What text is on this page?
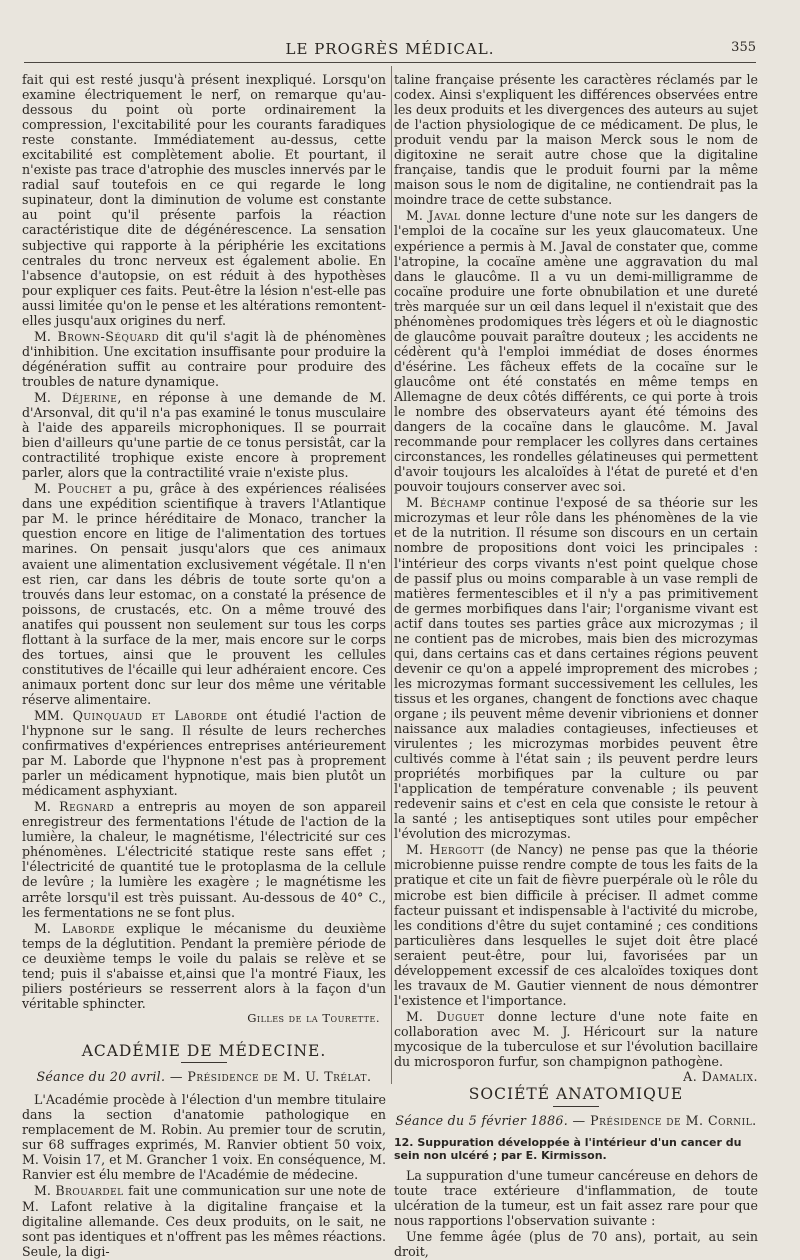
LE PROGRÈS MÉDICAL.	355

fait qui est resté jusqu'à présent inexpliqué. Lorsqu'on examine électriquement le nerf, on remarque qu'au-dessous du point où porte ordinairement la compression, l'excitabilité pour les courants faradiques reste constante. Immédiatement au-dessus, cette excitabilité est complètement abolie. Et pourtant, il n'existe pas trace d'atrophie des muscles innervés par le radial sauf toutefois en ce qui regarde le long supinateur, dont la diminution de volume est constante au point qu'il présente parfois la réaction caractéristique dite de dégénérescence. La sensation subjective qui rapporte à la périphérie les excitations centrales du tronc nerveux est également abolie. En l'absence d'autopsie, on est réduit à des hypothèses pour expliquer ces faits. Peut-être la lésion n'est-elle pas aussi limitée qu'on le pense et les altérations remontent-elles jusqu'aux origines du nerf.

M. Brown-Séquard dit qu'il s'agit là de phénomènes d'inhibition. Une excitation insuffisante pour produire la dégénération suffit au contraire pour produire des troubles de nature dynamique.

M. Déjerine, en réponse à une demande de M. d'Arsonval, dit qu'il n'a pas examiné le tonus musculaire à l'aide des appareils microphoniques. Il se pourrait bien d'ailleurs qu'une partie de ce tonus persistât, car la contractilité trophique existe encore à proprement parler, alors que la contractilité vraie n'existe plus.

M. Pouchet a pu, grâce à des expériences réalisées dans une expédition scientifique à travers l'Atlantique par M. le prince héréditaire de Monaco, trancher la question encore en litige de l'alimentation des tortues marines. On pensait jusqu'alors que ces animaux avaient une alimentation exclusivement végétale. Il n'en est rien, car dans les débris de toute sorte qu'on a trouvés dans leur estomac, on a constaté la présence de poissons, de crustacés, etc. On a même trouvé des anatifes qui poussent non seulement sur tous les corps flottant à la surface de la mer, mais encore sur le corps des tortues, ainsi que le prouvent les cellules constitutives de l'écaille qui leur adhéraient encore. Ces animaux portent donc sur leur dos même une véritable réserve alimentaire.

MM. Quinquaud et Laborde ont étudié l'action de l'hypnone sur le sang. Il résulte de leurs recherches confirmatives d'expériences entreprises antérieurement par M. Laborde que l'hypnone n'est pas à proprement parler un médicament hypnotique, mais bien plutôt un médicament asphyxiant.

M. Regnard a entrepris au moyen de son appareil enregistreur des fermentations l'étude de l'action de la lumière, la chaleur, le magnétisme, l'électricité sur ces phénomènes. L'électricité statique reste sans effet ; l'électricité de quantité tue le protoplasma de la cellule de levûre ; la lumière les exagère ; le magnétisme les arrête lorsqu'il est très puissant. Au-dessous de 40° C., les fermentations ne se font plus.

M. Laborde explique le mécanisme du deuxième temps de la déglutition. Pendant la première période de ce deuxième temps le voile du palais se relève et se tend; puis il s'abaisse et,ainsi que l'a montré Fiaux, les piliers postérieurs se resserrent alors à la façon d'un véritable sphincter.

Gilles de la Tourette.
ACADÉMIE DE MÉDECINE.
Séance du 20 avril. — Présidence de M. U. Trélat.

L'Académie procède à l'élection d'un membre titulaire dans la section d'anatomie pathologique en remplacement de M. Robin. Au premier tour de scrutin, sur 68 suffrages exprimés, M. Ranvier obtient 50 voix, M. Voisin 17, et M. Grancher 1 voix. En conséquence, M. Ranvier est élu membre de l'Académie de médecine.

M. Brouardel fait une communication sur une note de M. Lafont relative à la digitaline française et la digitaline allemande. Ces deux produits, on le sait, ne sont pas identiques et n'offrent pas les mêmes réactions. Seule, la digi-

taline française présente les caractères réclamés par le codex. Ainsi s'expliquent les différences observées entre les deux produits et les divergences des auteurs au sujet de l'action physiologique de ce médicament. De plus, le produit vendu par la maison Merck sous le nom de digitoxine ne serait autre chose que la digitaline française, tandis que le produit fourni par la même maison sous le nom de digitaline, ne contiendrait pas la moindre trace de cette substance.

M. Javal donne lecture d'une note sur les dangers de l'emploi de la cocaïne sur les yeux glaucomateux. Une expérience a permis à M. Javal de constater que, comme l'atropine, la cocaïne amène une aggravation du mal dans le glaucôme. Il a vu un demi-milligramme de cocaïne produire une forte obnubilation et une dureté très marquée sur un œil dans lequel il n'existait que des phénomènes prodomiques très légers et où le diagnostic de glaucôme pouvait paraître douteux ; les accidents ne cédèrent qu'à l'emploi immédiat de doses énormes d'ésérine. Les fâcheux effets de la cocaïne sur le glaucôme ont été constatés en même temps en Allemagne de deux côtés différents, ce qui porte à trois le nombre des observateurs ayant été témoins des dangers de la cocaïne dans le glaucôme. M. Javal recommande pour remplacer les collyres dans certaines circonstances, les rondelles gélatineuses qui permettent d'avoir toujours les alcaloïdes à l'état de pureté et d'en pouvoir toujours conserver avec soi.

M. Béchamp continue l'exposé de sa théorie sur les microzymas et leur rôle dans les phénomènes de la vie et de la nutrition. Il résume son discours en un certain nombre de propositions dont voici les principales : l'intérieur des corps vivants n'est point quelque chose de passif plus ou moins comparable à un vase rempli de matières fermentescibles et il n'y a pas primitivement de germes morbifiques dans l'air; l'organisme vivant est actif dans toutes ses parties grâce aux microzymas ; il ne contient pas de microbes, mais bien des microzymas qui, dans certains cas et dans certaines régions peuvent devenir ce qu'on a appelé improprement des microbes ; les microzymas formant successivement les cellules, les tissus et les organes, changent de fonctions avec chaque organe ; ils peuvent même devenir vibrioniens et donner naissance aux maladies contagieuses, infectieuses et virulentes ; les microzymas morbides peuvent être cultivés comme à l'état sain ; ils peuvent perdre leurs propriétés morbifiques par la culture ou par l'application de température convenable ; ils peuvent redevenir sains et c'est en cela que consiste le retour à la santé ; les antiseptiques sont utiles pour empêcher l'évolution des microzymas.

M. Hergott (de Nancy) ne pense pas que la théorie microbienne puisse rendre compte de tous les faits de la pratique et cite un fait de fièvre puerpérale où le rôle du microbe est bien difficile à préciser. Il admet comme facteur puissant et indispensable à l'activité du microbe, les conditions d'être du sujet contaminé ; ces conditions particulières dans lesquelles le sujet doit être placé seraient peut-être, pour lui, favorisées par un développement excessif de ces alcaloïdes toxiques dont les travaux de M. Gautier viennent de nous démontrer l'existence et l'importance.

M. Duguet donne lecture d'une note faite en collaboration avec M. J. Héricourt sur la nature mycosique de la tuberculose et sur l'évolution bacillaire du microsporon furfur, son champignon pathogène.
A. Damalix.

SOCIÉTÉ ANATOMIQUE
Séance du 5 février 1886. — Présidence de M. Cornil.
12. Suppuration développée à l'intérieur d'un cancer du sein non ulcéré ; par E. Kirmisson.

La suppuration d'une tumeur cancéreuse en dehors de toute trace extérieure d'inflammation, de toute ulcération de la tumeur, est un fait assez rare pour que nous rapportions l'observation suivante :

Une femme âgée (plus de 70 ans), portait, au sein droit,
